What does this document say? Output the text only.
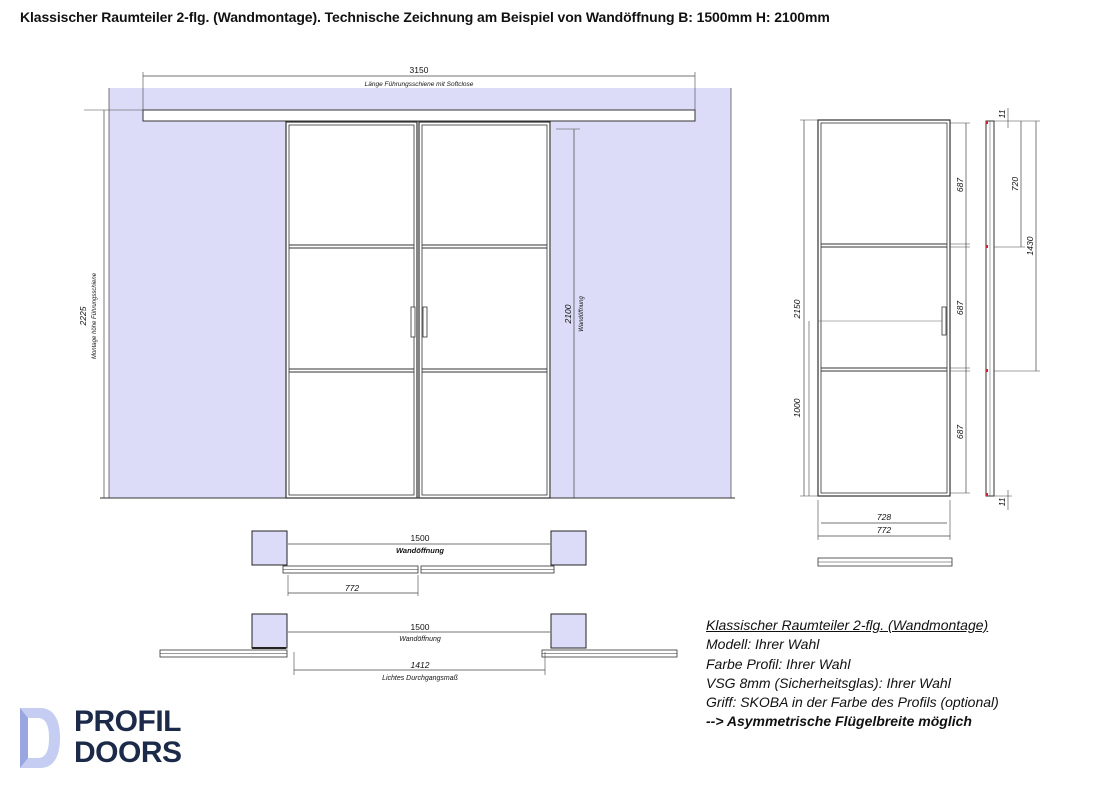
Klassischer Raumteiler 2-flg. (Wandmontage). Technische Zeichnung am Beispiel von Wandöffnung B: 1500mm H: 2100mm
3150
Länge Führungsschiene mit Softclose
2225 Montage höhe Führungsschiene	2100 Wandöffnung
1500
Wandöffnung
772
1500
Wandöffnung
1412
Lichtes Durchgangsmaß
2150
1000
687
687
687
728
772
11
720
1430
11
Klassischer Raumteiler 2-flg. (Wandmontage)
Modell: Ihrer Wahl
Farbe Profil: Ihrer Wahl
VSG 8mm (Sicherheitsglas): Ihrer Wahl
Griff: SKOBA in der Farbe des Profils (optional)
--> Asymmetrische Flügelbreite möglich
PROFIL
DOORS
